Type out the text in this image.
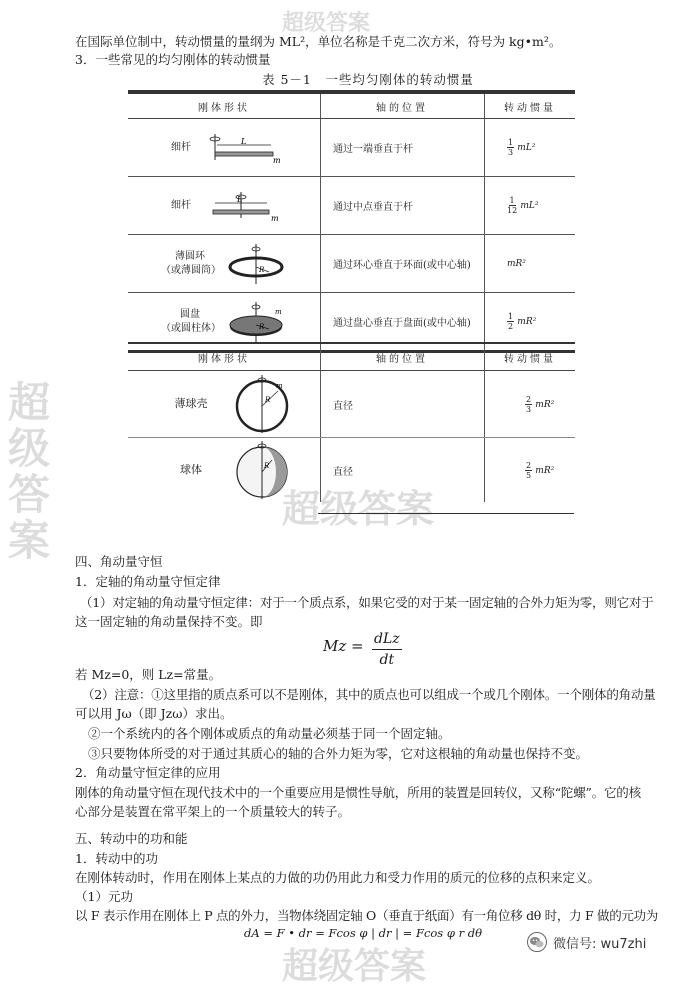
超级答案
超级答案	超级答案
超级答案
在国际单位制中，转动惯量的量纲为 ML²，单位名称是千克二次方米，符号为 kg•m²。
3．一些常见的均匀刚体的转动惯量
表 5－1　一些均匀刚体的转动惯量
刚体形状	轴的位置	转动惯量

细杆
L
m	通过一端垂直于杆	$\frac{1}{3} mL^2$

细杆
L
m	通过中点垂直于杆	$\frac{1}{12} mL^2$

薄圆环
（或薄圆筒） R	通过环心垂直于环面(或中心轴)	mR²

圆盘
（或圆柱体） R
m	通过盘心垂直于盘面(或中心轴)	$\frac{1}{2} mR^2$
刚体形状	轴的位置	转动惯量

薄球壳 R
m	直径	$\frac{2}{3} mR^2$

球体 R	直径	$\frac{2}{5} mR^2$
四、角动量守恒
1．定轴的角动量守恒定律
（1）对定轴的角动量守恒定律：对于一个质点系，如果它受的对于某一固定轴的合外力矩为零，则它对于
这一固定轴的角动量保持不变。即
Mz = dLz
dt
若 Mz=0，则 Lz=常量。
（2）注意：①这里指的质点系可以不是刚体，其中的质点也可以组成一个或几个刚体。一个刚体的角动量
可以用 Jω（即 Jzω）求出。
②一个系统内的各个刚体或质点的角动量必须基于同一个固定轴。
③只要物体所受的对于通过其质心的轴的合外力矩为零，它对这根轴的角动量也保持不变。
2．角动量守恒定律的应用
刚体的角动量守恒在现代技术中的一个重要应用是惯性导航，所用的装置是回转仪，又称“陀螺”。它的核
心部分是装置在常平架上的一个质量较大的转子。
五、转动中的功和能
1．转动中的功
在刚体转动时，作用在刚体上某点的力做的功仍用此力和受力作用的质元的位移的点积来定义。
（1）元功
以 F 表示作用在刚体上 P 点的外力，当物体绕固定轴 O（垂直于纸面）有一角位移 dθ 时，力 F 做的元功为
dA = F • dr = Fcos φ | dr | = Fcos φ r dθ
微信号: wu7zhi
